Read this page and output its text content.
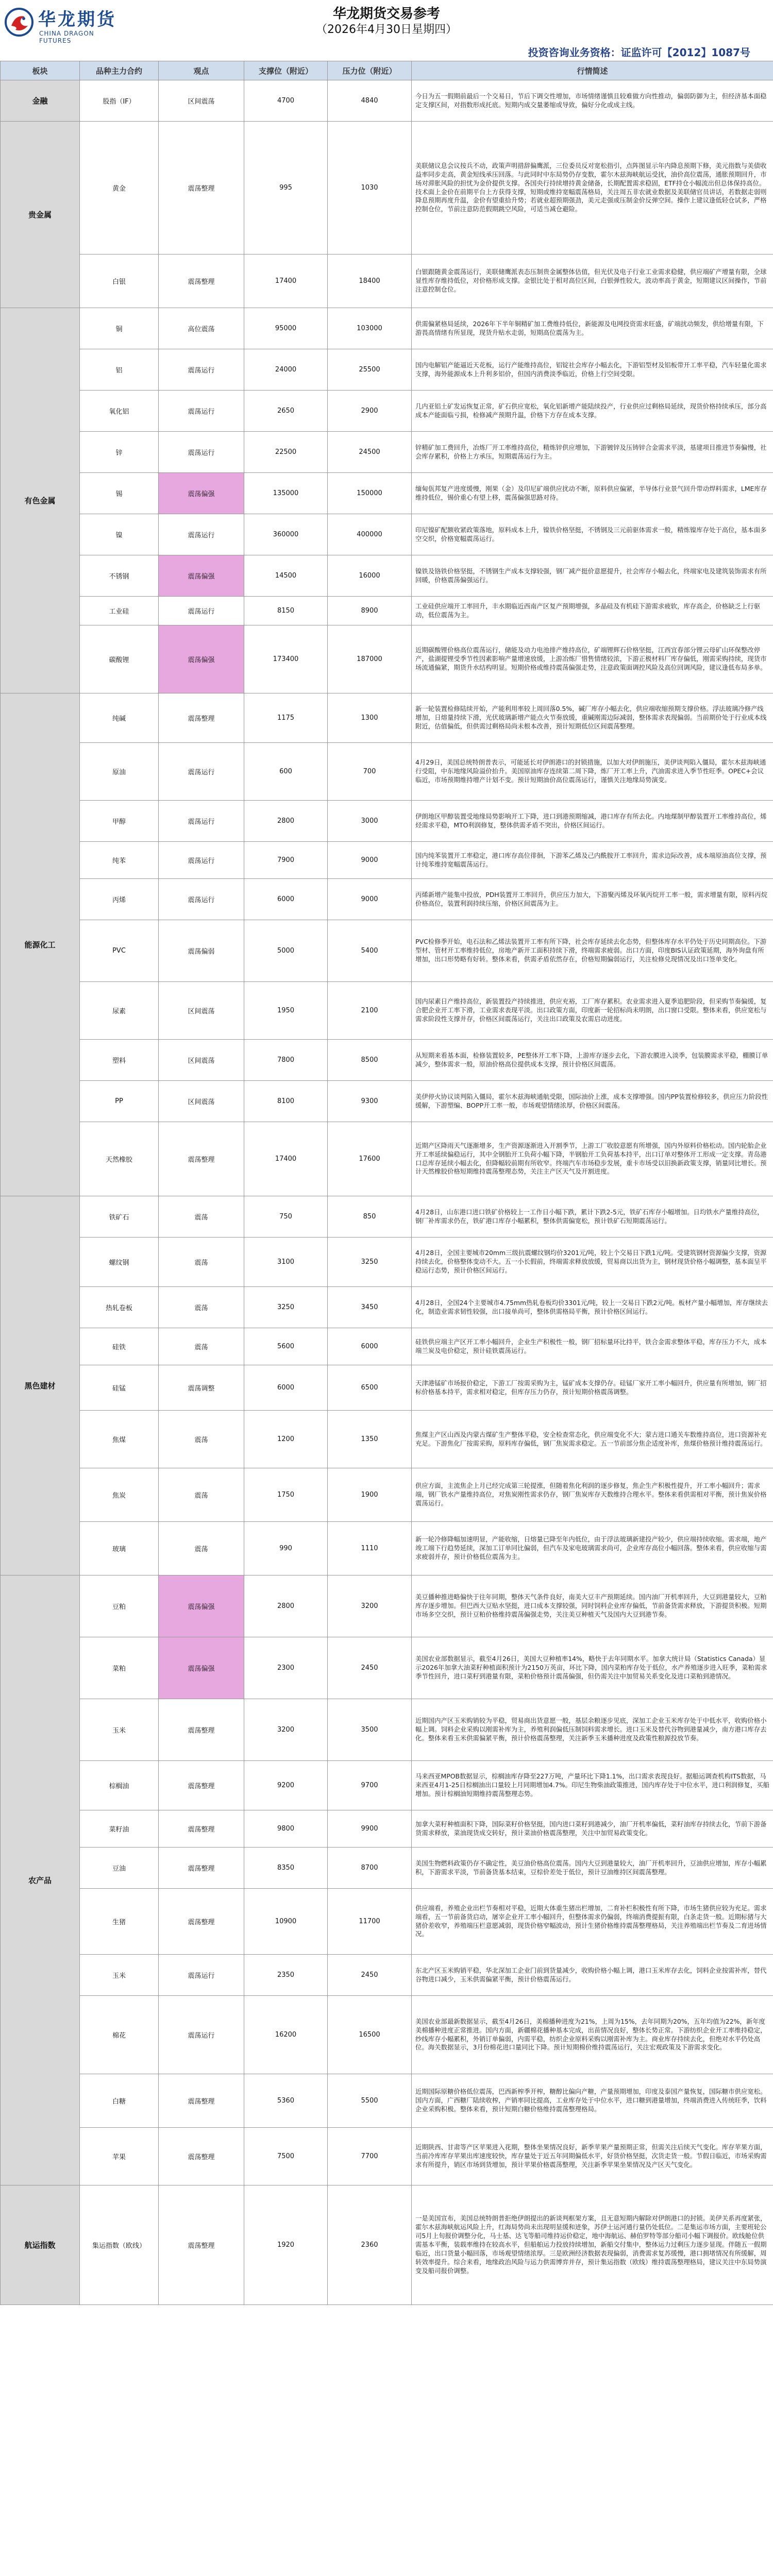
华龙期货
CHINA DRAGON FUTURES
华龙期货交易参考
（2026年4月30日星期四）
投资咨询业务资格：证监许可【2012】1087号
板块	品种主力合约	观点	支撑位（附近）	压力位（附近）	行情简述
金融	股指（IF）	区间震荡	4700	4840	今日为五一假期前最后一个交易日，节后下调交性增加，市场情绪谨慎且较难做方向性推动，偏弱防御为主，但经济基本面稳定支撑区间，对指数形成托底。短期内成交量萎缩或导致，偏好分化或成主线。
贵金属	黄金	震荡整理	995	1030	美联储议息会议按兵不动，政策声明措辞偏鹰派，三位委员反对宽松指引，点阵图显示年内降息预期下修，美元指数与美债收益率同步走高，黄金短线承压回落。与此同时中东局势仍存变数，霍尔木兹海峡航运受扰，油价高位震荡，通胀预期回升，市场对滞胀风险的担忧为金价提供支撑。各国央行持续增持黄金储备，长期配置需求稳固，ETF持仓小幅流出但总体保持高位。技术面上金价在前期平台上方获得支撑，短期或维持宽幅震荡格局，关注周五非农就业数据及美联储官员讲话，若数据走弱则降息预期再度升温，金价有望重拾升势；若就业超预期强劲，美元走强或压制金价反弹空间。操作上建议逢低轻仓试多，严格控制仓位，节前注意防范假期跳空风险，可适当减仓避险。
	白银	震荡整理	17400	18400	白银跟随黄金震荡运行，美联储鹰派表态压制贵金属整体估值，但光伏及电子行业工业需求稳健，供应端矿产增量有限，全球显性库存维持低位，对价格形成支撑。金银比处于相对高位区间，白银弹性较大，波动率高于黄金，短期建议区间操作，节前注意控制仓位。
有色金属	铜	高位震荡	95000	103000	供需偏紧格局延续，2026年下半年铜精矿加工费维持低位，新能源及电网投资需求旺盛，矿端扰动频发，供给增量有限，下游畏高情绪有所显现，现货升贴水走弱，短期高位震荡为主。
	铝	震荡运行	24000	25500	国内电解铝产能逼近天花板，运行产能维持高位，铝锭社会库存小幅去化，下游铝型材及铝板带开工率平稳，汽车轻量化需求支撑，海外能源成本上升利多铝价，但国内消费淡季临近，价格上行空间受限。
	氧化铝	震荡运行	2650	2900	几内亚铝土矿发运恢复正常，矿石供应宽松，氧化铝新增产能陆续投产，行业供应过剩格局延续，现货价格持续承压，部分高成本产能面临亏损，检修减产预期升温，价格下方存在成本支撑。
	锌	震荡运行	22500	24500	锌精矿加工费回升，冶炼厂开工率维持高位，精炼锌供应增加，下游镀锌及压铸锌合金需求平淡，基建项目推进节奏偏慢，社会库存累积，价格上方承压，短期震荡运行为主。
	锡	震荡偏强	135000	150000	缅甸佤邦复产进度缓慢，刚果（金）及印尼矿端供应扰动不断，原料供应偏紧，半导体行业景气回升带动焊料需求，LME库存维持低位，锡价重心有望上移，震荡偏强思路对待。
	镍	震荡运行	360000	400000	印尼镍矿配额收紧政策落地，原料成本上升，镍铁价格坚挺，不锈钢及三元前驱体需求一般，精炼镍库存处于高位，基本面多空交织，价格宽幅震荡运行。
	不锈钢	震荡偏强	14500	16000	镍铁及铬铁价格坚挺，不锈钢生产成本支撑较强，钢厂减产挺价意愿提升，社会库存小幅去化，终端家电及建筑装饰需求有所回暖，价格震荡偏强运行。
	工业硅	震荡运行	8150	8900	工业硅供应端开工率回升，丰水期临近西南产区复产预期增强，多晶硅及有机硅下游需求疲软，库存高企，价格缺乏上行驱动，低位震荡为主。
	碳酸锂	震荡偏强	173400	187000	近期碳酸锂价格高位震荡运行，储能及动力电池排产维持高位，矿端锂辉石价格坚挺，江西宜春部分锂云母矿山环保整改停产，盐湖提锂受季节性因素影响产量增速放缓，上游冶炼厂惜售情绪较浓，下游正极材料厂库存偏低，刚需采购持续，现货市场流通偏紧，期货升水结构明显。短期价格或维持震荡偏强走势，注意政策面调控风险及高位回调风险，建议逢低布局多单。
能源化工	纯碱	震荡整理	1175	1300	新一轮装置检修陆续开始，产能利用率较上周回落0.5%，碱厂库存小幅去化，供应端收缩预期支撑价格。浮法玻璃冷修产线增加，日熔量持续下滑，光伏玻璃新增产能点火节奏放缓，重碱刚需边际减弱，整体需求表现偏弱。当前期价处于行业成本线附近，估值偏低，但供需过剩格局尚未根本改善，预计短期低位区间震荡整理。
	原油	震荡运行	600	700	4月29日，美国总统特朗普表示，可能延长对伊朗港口的封锁措施，以加大对伊朗施压，美伊谈判陷入僵局，霍尔木兹海峡通行受阻，中东地缘风险溢价抬升。美国原油库存连续第二周下降，炼厂开工率上升，汽油需求进入季节性旺季。OPEC+会议临近，市场预期维持增产计划不变。预计短期油价高位震荡运行，谨慎关注地缘局势演变。
	甲醇	震荡运行	2800	3000	伊朗地区甲醇装置受地缘局势影响开工下降，进口到港预期缩减，港口库存有所去化。内地煤制甲醇装置开工率维持高位，烯烃需求平稳，MTO利润修复，整体供需矛盾不突出，价格区间运行。
	纯苯	震荡运行	7900	9000	国内纯苯装置开工率稳定，港口库存高位徘徊，下游苯乙烯及己内酰胺开工率回升，需求边际改善，成本端原油高位支撑，预计纯苯维持宽幅震荡运行。
	丙烯	震荡运行	6000	9000	丙烯新增产能集中投放，PDH装置开工率回升，供应压力加大，下游聚丙烯及环氧丙烷开工率一般，需求增量有限，原料丙烷价格高位，装置利润持续压缩，价格区间震荡为主。
	PVC	震荡偏弱	5000	5400	PVC检修季开始，电石法和乙烯法装置开工率有所下降，社会库存延续去化态势，但整体库存水平仍处于历史同期高位。下游型材、管材开工率维持低位，房地产新开工面积持续下滑，终端需求疲弱。出口方面，印度BIS认证政策延期，海外询盘有所增加，出口形势略有好转。整体来看，供需矛盾依然存在，价格短期偏弱运行，关注检修兑现情况及出口签单变化。
	尿素	区间震荡	1950	2100	国内尿素日产维持高位，新装置投产持续推进，供应充裕，工厂库存累积。农业需求进入夏季追肥阶段，但采购节奏偏缓，复合肥企业开工率下滑，工业需求表现平淡。出口政策方面，印度新一轮招标尚未明朗，出口窗口受限。整体来看，供应宽松与需求阶段性支撑并存，价格区间震荡运行，关注出口政策及农需启动进度。
	塑料	区间震荡	7800	8500	从短期来看基本面，检修装置较多，PE整体开工率下降，上游库存逐步去化，下游农膜进入淡季，包装膜需求平稳，棚膜订单减少，整体需求一般，原油价格高位提供成本支撑，预计价格区间震荡。
	PP	区间震荡	8100	9300	美伊停火协议谈判陷入僵局，霍尔木兹海峡通航受限，国际油价上涨，成本支撑增强。国内PP装置检修较多，供应压力阶段性缓解，下游塑编、BOPP开工率一般，市场观望情绪浓厚，价格区间震荡。
	天然橡胶	震荡整理	17400	17600	近期产区降雨天气逐渐增多，生产资源逐渐进入开割季节，上游工厂收胶意愿有所增强，国内外原料价格松动。国内轮胎企业开工率延续偏稳运行，其中全钢胎开工负荷小幅下降，半钢胎开工负荷基本持平，出口订单对整体开工形成一定支撑。青岛港口总库存延续小幅去化，但降幅较前期有所收窄。终端汽车市场稳步发展，重卡市场受以旧换新政策支撑，销量同比增长。预计天然橡胶价格短期维持震荡整理态势，关注主产区天气及开割进度。
黑色建材	铁矿石	震荡	750	850	4月28日，山东港口进口铁矿价格较上一工作日小幅下跌，累计下跌2-5元，铁矿石库存小幅增加。日均铁水产量维持高位，钢厂补库需求仍在，铁矿港口库存小幅累积，整体供需偏宽松，预计铁矿石短期震荡运行。
	螺纹钢	震荡	3100	3250	4月28日，全国主要城市20mm三级抗震螺纹钢均价3201元/吨，较上个交易日下跌1元/吨。受建筑钢材资源偏少支撑，资源持续去化，价格整体变动不大。五一小长假前，终端需求释放放缓，贸易商以出货为主，钢材现货价格小幅调整，基本面呈平稳运行态势，预计价格区间运行。
	热轧卷板	震荡	3250	3450	4月28日，全国24个主要城市4.75mm热轧卷板均价3301元/吨，较上一交易日下跌2元/吨。板材产量小幅增加，库存继续去化，制造业需求韧性较强，出口接单尚可，整体供需格局平衡，预计价格区间运行。
	硅铁	震荡	5600	6000	硅铁供应端主产区开工率小幅回升，企业生产积极性一般，钢厂招标量环比持平，铁合金需求整体平稳，库存压力不大，成本端兰炭及电价稳定，预计硅铁震荡运行。
	硅锰	震荡调整	6000	6500	天津港锰矿市场报价稳定，下游工厂按需采购为主，锰矿成本支撑仍存。硅锰厂家开工率小幅回升，供应量有所增加，钢厂招标价格基本持平，需求相对稳定，但库存压力仍存，预计短期价格震荡调整。
	焦煤	震荡	1200	1350	焦煤主产区山西及内蒙古煤矿生产整体平稳，安全检查常态化，供应端变化不大；蒙古进口通关车数维持高位，进口资源补充充足。下游焦化厂按需采购，原料库存偏低，钢厂焦炭需求稳定。五一节前部分焦企适度补库，焦煤价格预计维持震荡运行。
	焦炭	震荡	1750	1900	供应方面，主流焦企上月已经完成第三轮提涨，但随着焦化利润的逐步修复，焦企生产积极性提升，开工率小幅回升；需求端，钢厂铁水产量维持高位，对焦炭刚性需求仍存，钢厂焦炭库存天数维持合理水平。整体来看供需相对平衡，预计焦炭价格震荡运行。
	玻璃	震荡	990	1110	新一轮冷修降幅加速明显，产能收缩，日熔量已降至年内低位，由于浮法玻璃新建投产较少，供应端持续收缩。需求端，地产竣工端下行趋势延续，深加工订单同比偏弱，但汽车及家电玻璃需求尚可，企业库存高位小幅回落。整体来看，供应收缩与需求疲弱并存，预计价格低位震荡为主。
农产品	豆粕	震荡偏强	2800	3200	美豆播种推进略偏快于往年同期，整体天气条件良好，南美大豆丰产预期延续。国内油厂开机率回升，大豆到港量较大，豆粕库存逐步增加。但巴西大豆贴水坚挺，进口成本支撑较强，同时饲料企业库存偏低，节前备货需求释放，下游提货积极。短期市场多空交织，预计豆粕价格维持震荡偏强走势，关注美豆种植天气及国内大豆到港节奏。
	菜粕	震荡偏强	2300	2450	美国农业部数据显示，截至4月26日，美国大豆种植率14%，略快于去年同期水平。加拿大统计局（Statistics Canada）显示2026年加拿大油菜籽种植面积预计为2150万英亩，环比下降，国内菜粕库存处于低位，水产养殖逐步进入旺季，菜粕需求季节性回升，进口菜籽到港量有限，菜粕价格预计震荡偏强，但仍需关注中加贸易关系变化及进口菜粕到港情况。
	玉米	震荡整理	3200	3500	近期国内产区玉米购销较为平稳，贸易商出货意愿一般，基层余粮逐步见底，深加工企业玉米库存处于中低水平，收购价格小幅上调。饲料企业采购以刚需补库为主，养殖利润偏低压制饲料需求增长。进口玉米及替代谷物到港量减少，南方港口库存去化。整体来看玉米供需偏紧平衡，预计价格震荡整理，关注新季玉米播种进度及政策性粮源投放节奏。
	棕榈油	震荡整理	9200	9700	马来西亚MPOB数据显示，棕榈油库存降至227万吨，产量环比下降1.1%，出口需求表现良好。据船运调查机构ITS数据，马来西亚4月1-25日棕榈油出口量较上月同期增加4.7%。印尼生物柴油政策推进，国内库存处于中位水平，进口利润修复，买船增加。预计棕榈油短期维持震荡整理态势。
	菜籽油	震荡整理	9800	9900	加拿大菜籽种植面积下降，国际菜籽价格坚挺，国内进口菜籽到港减少，油厂开机率偏低，菜籽油库存持续去化，节前下游备货需求释放，菜油现货成交转好，预计菜油价格震荡整理，关注中加贸易政策变化。
	豆油	震荡整理	8350	8700	美国生物燃料政策仍存不确定性，美豆油价格高位震荡。国内大豆到港量较大，油厂开机率回升，豆油供应增加，库存小幅累积，下游需求平淡，节前备货基本结束，豆棕价差处于低位，预计豆油维持区间震荡整理。
	生猪	震荡整理	10900	11700	供应端看，养殖企业出栏节奏相对平稳，近期大体重生猪出栏增加，二育补栏积极性有所下降，市场生猪供应较为充足。需求端看，五一节前备货启动，屠宰企业开工率小幅回升，但整体需求仍偏弱，终端消费提振有限，白条走货一般。近期标猪与大猪价差收窄，养殖端压栏意愿减弱，现货价格窄幅波动，预计生猪价格维持震荡整理格局，关注养殖端出栏节奏及二育进场情况。
	玉米	震荡运行	2350	2450	东北产区玉米购销平稳，华北深加工企业门前到货量减少，收购价格小幅上调，港口玉米库存去化，饲料企业按需补库，替代谷物进口减少，玉米供需偏紧平衡，预计价格震荡运行。
	棉花	震荡运行	16200	16500	美国农业部最新数据显示，截至4月26日，美棉播种进度为21%，上周为15%，去年同期为20%，五年均值为22%，新年度美棉播种进度正常推进。国内方面，新疆棉花播种基本完成，出苗情况良好，整体长势正常。下游纺织企业开工率维持稳定，纱线库存小幅累积，外销订单偏弱，内需平稳，纺织企业原料采购以刚需补库为主。商业库存持续去化，但绝对水平仍处高位。海关数据显示，3月份棉花进口量同比下降。预计短期棉价维持震荡运行，关注宏观政策及下游需求变化。
	白糖	震荡整理	5360	5500	近期国际原糖价格低位震荡，巴西新榨季开榨，糖醇比偏向产糖，产量预期增加，印度及泰国产量恢复，国际糖市供应宽松。国内方面，广西糖厂陆续收榨，产销率同比提高，工业库存处于中位水平，进口糖到港量增加，终端消费进入传统旺季，饮料企业采购积极。整体来看，预计短期白糖价格维持震荡整理格局。
	苹果	震荡整理	7500	7700	近期陕西、甘肃等产区苹果进入花期，整体坐果情况良好，新季苹果产量预期正常，但需关注后续天气变化。库存苹果方面，当前冷库库存苹果出库速度较快，库存量处于近五年同期偏低水平，好货价格坚挺，次货走货一般。节假日临近，市场采购需求有所提升，销区市场到货增加，预计苹果价格震荡整理，关注新季苹果坐果情况及产区天气变化。
航运指数	集运指数（欧线）	震荡整理	1920	2360	一是美国宣布，美国总统特朗普拒绝伊朗提出的新谈判框架方案，且无意短期内解除对伊朗港口的封锁。美伊关系再度紧张，霍尔木兹海峡航运风险上升，红海局势尚未出现明显缓和迹象，苏伊士运河通行量仍处低位。二是集运市场方面，主要班轮公司5月上旬报价调整分化，马士基、达飞等船司维持运价稳定，地中海航运、赫伯罗特等部分船司小幅下调报价。欧线舱位供需基本平衡，装载率维持在较高水平，但船舶运力投放持续增加，新船交付集中，整体运力过剩压力逐步显现。伴随五一假期临近，出口货量小幅回落，市场观望情绪浓厚。三是欧洲经济数据表现偏弱，消费需求复苏缓慢，港口拥堵情况有所缓解，周转效率提升。综合来看，地缘政治风险与运力供需博弈并存，预计集运指数（欧线）维持震荡整理格局，建议关注中东局势演变及船司报价调整。
